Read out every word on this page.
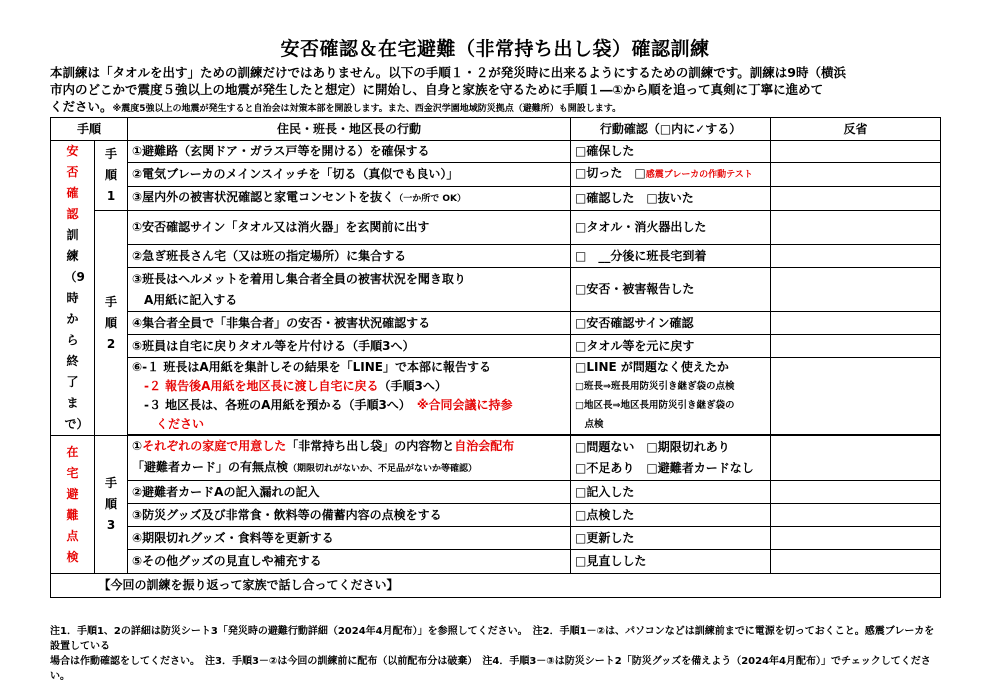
安否確認＆在宅避難（非常持ち出し袋）確認訓練
本訓練は「タオルを出す」ための訓練だけではありません。以下の手順１・２が発災時に出来るようにするための訓練です。訓練は9時（横浜
市内のどこかで震度５強以上の地震が発生したと想定）に開始し、自身と家族を守るために手順１―①から順を追って真剣に丁寧に進めて
ください。※震度5強以上の地震が発生すると自治会は対策本部を開設します。また、西金沢学園地域防災拠点（避難所）も開設します。
手順		住民・班長・地区長の行動	行動確認（□内に✓する）	反省
安否確認訓練（9時から終了まで）	手順1	①避難路（玄関ドア・ガラス戸等を開ける）を確保する	□確保した	
		②電気ブレーカのメインスイッチを「切る（真似でも良い）」	□切った　□感震ブレーカの作動テスト	
		③屋内外の被害状況確認と家電コンセントを抜く（一か所で OK）	□確認した　□抜いた	
	手順2	①安否確認サイン「タオル又は消火器」を玄関前に出す	□タオル・消火器出した	
		②急ぎ班長さん宅（又は班の指定場所）に集合する	□　__分後に班長宅到着	

		③班長はヘルメットを着用し集合者全員の被害状況を聞き取り
　A用紙に記入する	□安否・被害報告した	
		④集合者全員で「非集合者」の安否・被害状況確認する	□安否確認サイン確認	
		⑤班員は自宅に戻りタオル等を片付ける（手順3へ）	□タオル等を元に戻す	

		⑥-１ 班長はA用紙を集計しその結果を「LINE」で本部に報告する
　-２ 報告後A用紙を地区長に渡し自宅に戻る（手順3へ）
　-３ 地区長は、各班のA用紙を預かる（手順3へ）　 ※合同会議に持参
　　ください	□LINE が問題なく使えたか
□班長⇒班長用防災引き継ぎ袋の点検
□地区長⇒地区長用防災引き継ぎ袋の
　点検	

在宅避難点検	手順3	①それぞれの家庭で用意した「非常持ち出し袋」の内容物と自治会配布
「避難者カード」の有無点検（期限切れがないか、不足品がないか等確認）	□問題ない　□期限切れあり
□不足あり　□避難者カードなし	

		②避難者カードAの記入漏れの記入	□記入した	
		③防災グッズ及び非常食・飲料等の備蓄内容の点検をする	□点検した	
		④期限切れグッズ・食料等を更新する	□更新した	
		⑤その他グッズの見直しや補充する	□見直しした	
	【今回の訓練を振り返って家族で話し合ってください】			
注1．手順1、2の詳細は防災シート3「発災時の避難行動詳細（2024年4月配布）」を参照してください。　注2．手順1－②は、パソコンなどは訓練前までに電源を切っておくこと。感震ブレーカを設置している
場合は作動確認をしてください。　注3．手順3－②は今回の訓練前に配布（以前配布分は破棄）　注4．手順3－③は防災シート2「防災グッズを備えよう（2024年4月配布）」でチェックしてください。
